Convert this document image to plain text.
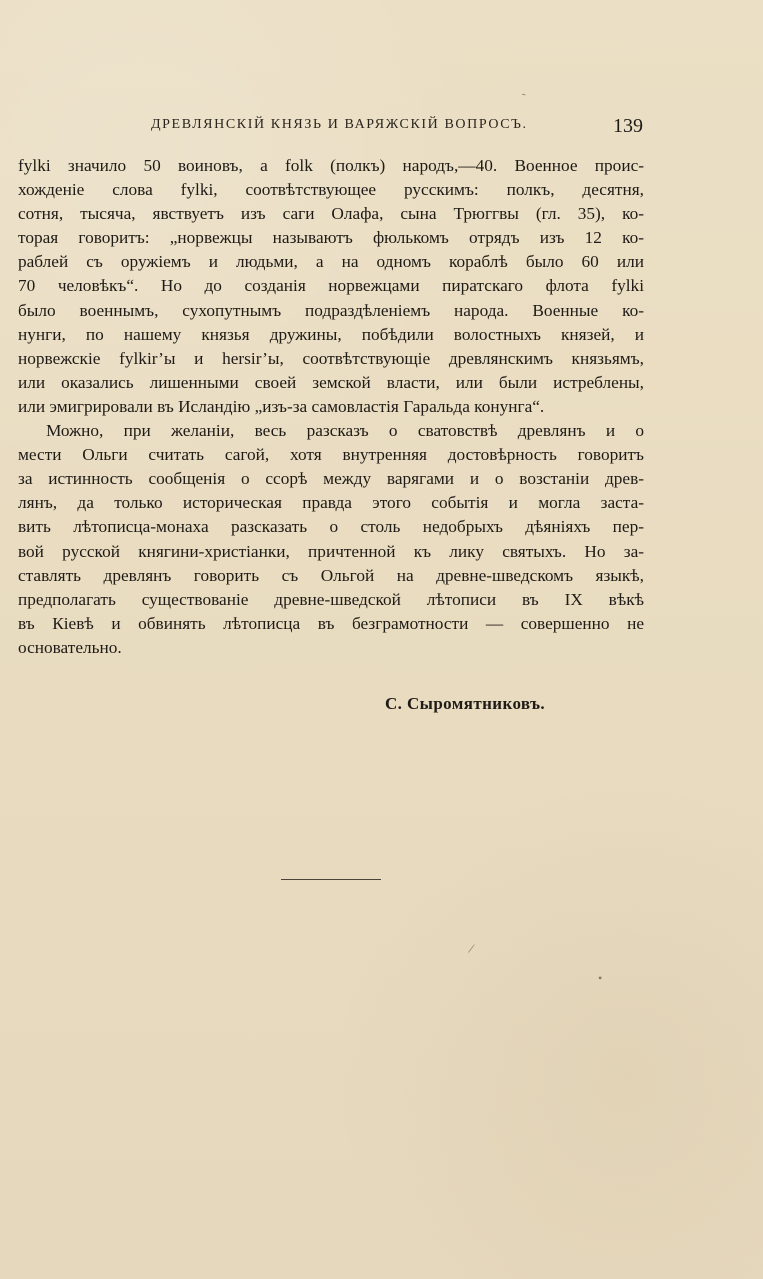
`
ДРЕВЛЯНСКІЙ КНЯЗЬ И ВАРЯЖСКІЙ ВОПРОСЪ.	139
fylki значило 50 воиновъ, а folk (полкъ) народъ,—40. Военное проис-
хожденіе слова fylki, соотвѣтствующее русскимъ: полкъ, десятня,
сотня, тысяча, явствуетъ изъ саги Олафа, сына Трюггвы (гл. 35), ко-
торая говоритъ: „норвежцы называютъ фюлькомъ отрядъ изъ 12 ко-
раблей съ оружіемъ и людьми, а на одномъ кораблѣ было 60 или
70 человѣкъ“. Но до созданія норвежцами пиратскаго флота fylki
было военнымъ, сухопутнымъ подраздѣленіемъ народа. Военные ко-
нунги, по нашему князья дружины, побѣдили волостныхъ князей, и
норвежскіе fylkir’ы и hersir’ы, соотвѣтствующіе древлянскимъ князьямъ,
или оказались лишенными своей земской власти, или были истреблены,
или эмигрировали въ Исландію „изъ-за самовластія Гаральда конунга“.
Можно, при желаніи, весь разсказъ о сватовствѣ древлянъ и о
мести Ольги считать сагой, хотя внутренняя достовѣрность говоритъ
за истинность сообщенія о ссорѣ между варягами и о возстаніи древ-
лянъ, да только историческая правда этого событія и могла заста-
вить лѣтописца-монаха разсказать о столь недобрыхъ дѣяніяхъ пер-
вой русской княгини-христіанки, причтенной къ лику святыхъ. Но за-
ставлять древлянъ говорить съ Ольгой на древне-шведскомъ языкѣ,
предполагать существованіе древне-шведской лѣтописи въ IX вѣкѣ
въ Кіевѣ и обвинять лѣтописца въ безграмотности — совершенно не
основательно.
С. Сыромятниковъ.
/
•
